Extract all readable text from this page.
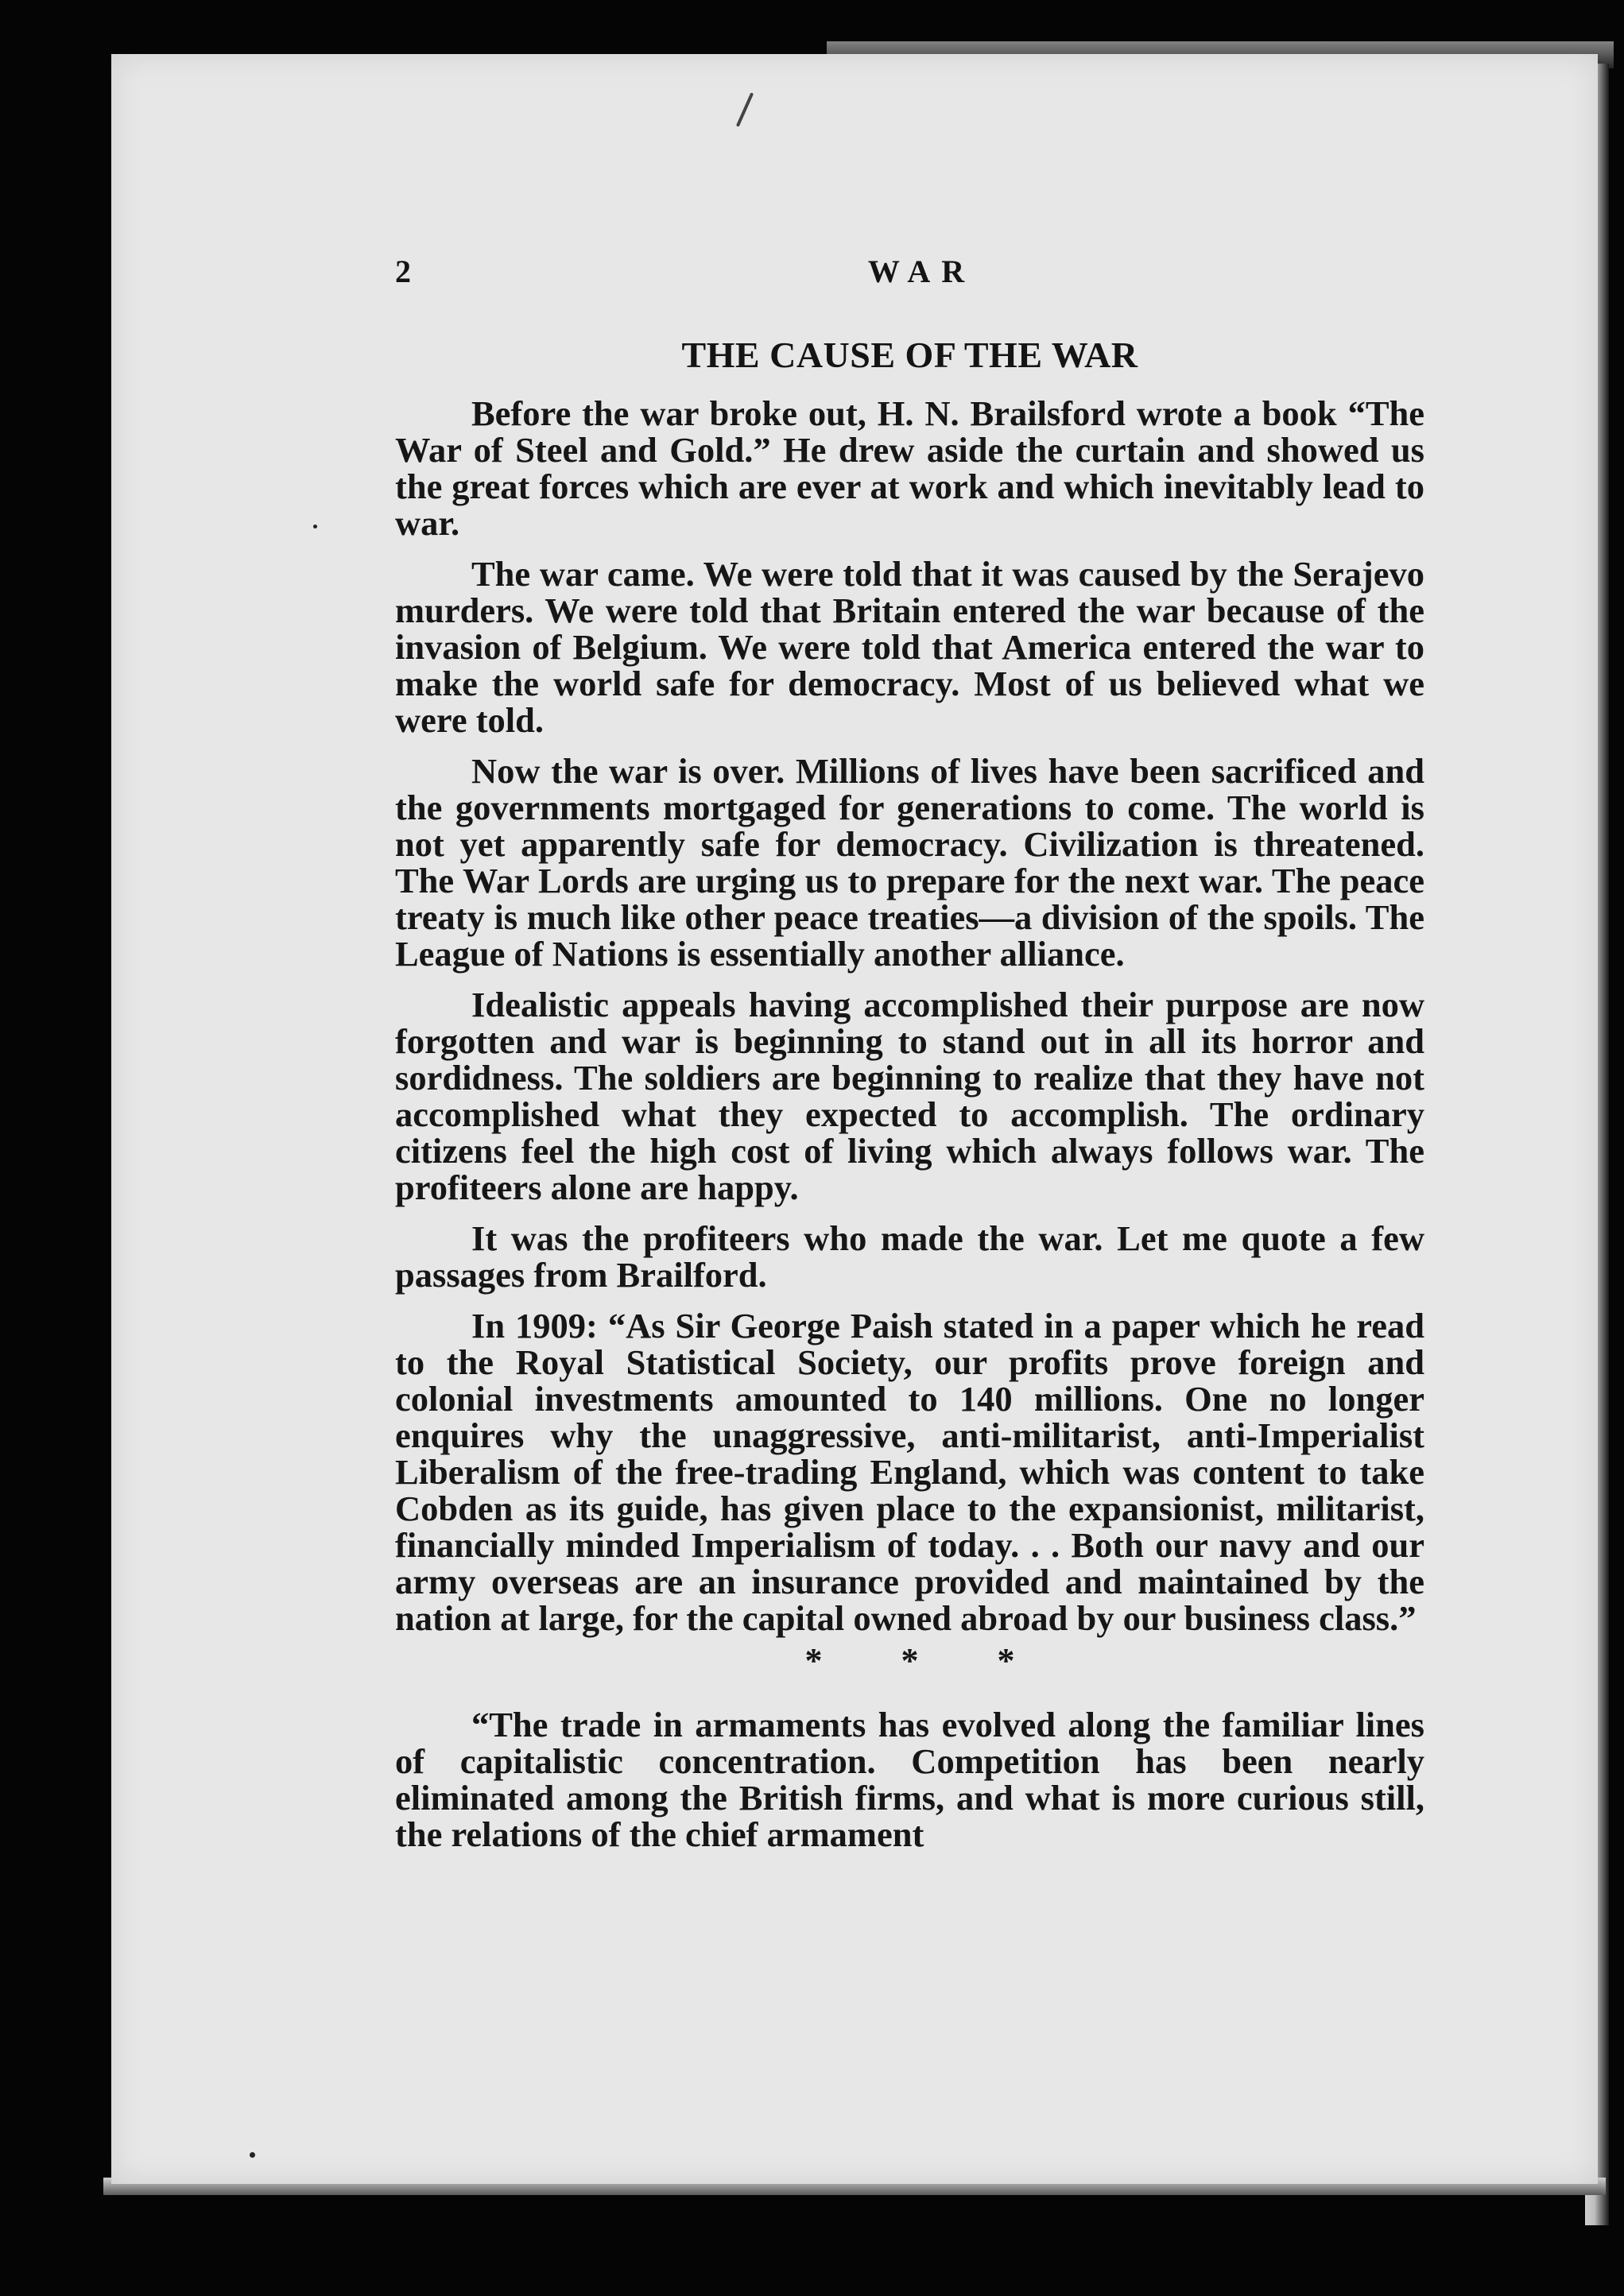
2	WAR
THE CAUSE OF THE WAR

Before the war broke out, H. N. Brailsford wrote a book “The War of Steel and Gold.” He drew aside the curtain and showed us the great forces which are ever at work and which inevitably lead to war.

The war came. We were told that it was caused by the Serajevo murders. We were told that Britain entered the war because of the invasion of Belgium. We were told that America entered the war to make the world safe for democracy. Most of us believed what we were told.

Now the war is over. Millions of lives have been sacrificed and the governments mortgaged for generations to come. The world is not yet apparently safe for democracy. Civilization is threatened. The War Lords are urging us to prepare for the next war. The peace treaty is much like other peace treaties—a division of the spoils. The League of Nations is essentially another alliance.

Idealistic appeals having accomplished their purpose are now forgotten and war is beginning to stand out in all its horror and sordidness. The soldiers are beginning to realize that they have not accomplished what they expected to accomplish. The ordinary citizens feel the high cost of living which always follows war. The profiteers alone are happy.

It was the profiteers who made the war. Let me quote a few passages from Brailford.

In 1909: “As Sir George Paish stated in a paper which he read to the Royal Statistical Society, our profits prove foreign and colonial investments amounted to 140 millions. One no longer enquires why the unaggressive, anti-militarist, anti-Imperialist Liberalism of the free-trading England, which was content to take Cobden as its guide, has given place to the expansionist, militarist, financially minded Imperialism of today. . . Both our navy and our army overseas are an insurance provided and maintained by the nation at large, for the capital owned abroad by our business class.”

* * *

“The trade in armaments has evolved along the familiar lines of capitalistic concentration. Competition has been nearly eliminated among the British firms, and what is more curious still, the relations of the chief armament
